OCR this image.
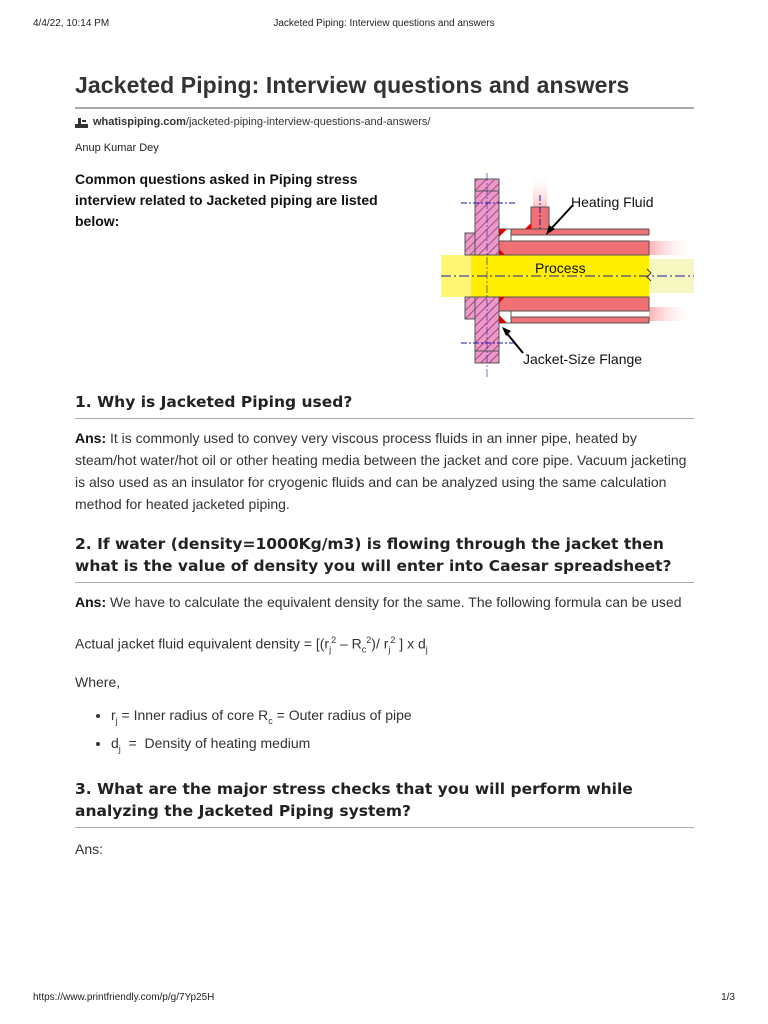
4/4/22, 10:14 PM	Jacketed Piping: Interview questions and answers
Jacketed Piping: Interview questions and answers
whatispiping.com /jacketed-piping-interview-questions-and-answers/
Anup Kumar Dey
Common questions asked in Piping stress interview related to Jacketed piping are listed below:
Heating Fluid
Process
Jacket-Size Flange
1. Why is Jacketed Piping used?

Ans: It is commonly used to convey very viscous process fluids in an inner pipe, heated by steam/hot water/hot oil or other heating media between the jacket and core pipe. Vacuum jacketing is also used as an insulator for cryogenic fluids and can be analyzed using the same calculation method for heated jacketed piping.

2. If water (density=1000Kg/m3) is flowing through the jacket then what is the value of density you will enter into Caesar spreadsheet?

Ans: We have to calculate the equivalent density for the same. The following formula can be used

Actual jacket fluid equivalent density = [$(r_j^2 - R_c^2)/$ $r_j^2$ ] x $d_j$
Where,
• $r_j$ = Inner radius of core $R_c$ = Outer radius of pipe
• $d_j$  =  Density of heating medium
3. What are the major stress checks that you will perform while analyzing the Jacketed Piping system?

Ans:

https://www.printfriendly.com/p/g/7Yp25H	1/3
